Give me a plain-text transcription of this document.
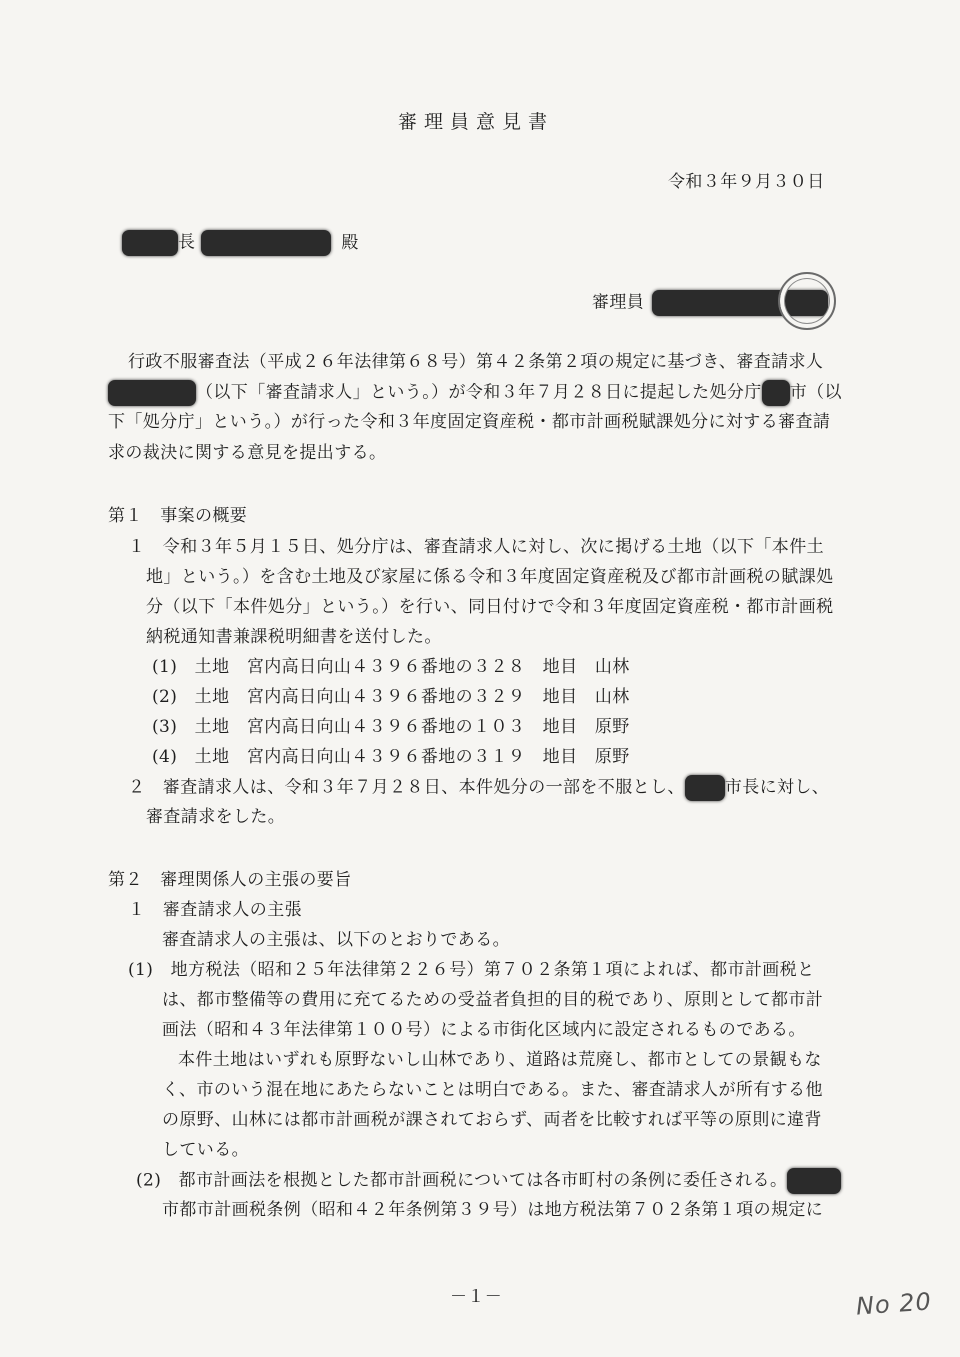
審理員意見書
令和３年９月３０日
長	殿
審理員
行政不服審査法（平成２６年法律第６８号）第４２条第２項の規定に基づき、審査請求人
（以下「審査請求人」という。）が令和３年７月２８日に提起した処分庁 市（以
下「処分庁」という。）が行った令和３年度固定資産税・都市計画税賦課処分に対する審査請
求の裁決に関する意見を提出する。
第１　事案の概要
１　令和３年５月１５日、処分庁は、審査請求人に対し、次に掲げる土地（以下「本件土
地」という。）を含む土地及び家屋に係る令和３年度固定資産税及び都市計画税の賦課処
分（以下「本件処分」という。）を行い、同日付けで令和３年度固定資産税・都市計画税
納税通知書兼課税明細書を送付した。
(1)　土地　宮内高日向山４３９６番地の３２８　地目　山林
(2)　土地　宮内高日向山４３９６番地の３２９　地目　山林
(3)　土地　宮内高日向山４３９６番地の１０３　地目　原野
(4)　土地　宮内高日向山４３９６番地の３１９　地目　原野
２　審査請求人は、令和３年７月２８日、本件処分の一部を不服とし、 市長に対し、
審査請求をした。
第２　審理関係人の主張の要旨
１　審査請求人の主張
審査請求人の主張は、以下のとおりである。
(1)　地方税法（昭和２５年法律第２２６号）第７０２条第１項によれば、都市計画税と
は、都市整備等の費用に充てるための受益者負担的目的税であり、原則として都市計
画法（昭和４３年法律第１００号）による市街化区域内に設定されるものである。
本件土地はいずれも原野ないし山林であり、道路は荒廃し、都市としての景観もな
く、市のいう混在地にあたらないことは明白である。また、審査請求人が所有する他
の原野、山林には都市計画税が課されておらず、両者を比較すれば平等の原則に違背
している。
(2)　都市計画法を根拠とした都市計画税については各市町村の条例に委任される。
市都市計画税条例（昭和４２年条例第３９号）は地方税法第７０２条第１項の規定に
－１－	No 20
